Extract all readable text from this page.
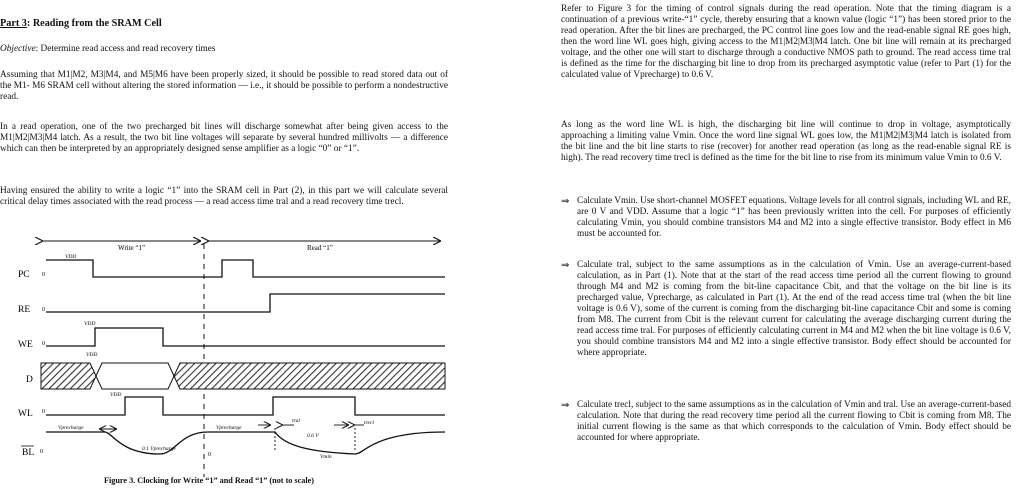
Part 3: Reading from the SRAM Cell
Objective: Determine read access and read recovery times

Assuming that M1|M2, M3|M4, and M5|M6 have been properly sized, it should be possible to read stored data out of the M1- M6 SRAM cell without altering the stored information — i.e., it should be possible to perform a nondestructive read.

In a read operation, one of the two precharged bit lines will discharge somewhat after being given access to the M1|M2|M3|M4 latch. As a result, the two bit line voltages will separate by several hundred millivolts — a difference which can then be interpreted by an appropriately designed sense amplifier as a logic “0” or “1”.

Having ensured the ability to write a logic “1” into the SRAM cell in Part (2), in this part we will calculate several critical delay times associated with the read process — a read access time tral and a read recovery time trecl.

Write “1”	Read “1”
PC
RE
WE
D
WL
BL
0
0
0
0
0	0
VDD
VDD
VDD
VDD
Vprecharge	Vprecharge
0.1 Vprecharge
0.6 V
Vmin
tral	trecl
Figure 3. Clocking for Write “1” and Read “1” (not to scale)

Refer to Figure 3 for the timing of control signals during the read operation. Note that the timing diagram is a continuation of a previous write-“1” cycle, thereby ensuring that a known value (logic “1”) has been stored prior to the read operation. After the bit lines are precharged, the PC control line goes low and the read-enable signal RE goes high, then the word line WL goes high, giving access to the M1|M2|M3|M4 latch. One bit line will remain at its precharged voltage, and the other one will start to discharge through a conductive NMOS path to ground. The read access time tral is defined as the time for the discharging bit line to drop from its precharged asymptotic value (refer to Part (1) for the calculated value of Vprecharge) to 0.6 V.

As long as the word line WL is high, the discharging bit line will continue to drop in voltage, asymptotically approaching a limiting value Vmin. Once the word line signal WL goes low, the M1|M2|M3|M4 latch is isolated from the bit line and the bit line starts to rise (recover) for another read operation (as long as the read-enable signal RE is high). The read recovery time trecl is defined as the time for the bit line to rise from its minimum value Vmin to 0.6 V.

⇒ Calculate Vmin. Use short-channel MOSFET equations. Voltage levels for all control signals, including WL and RE, are 0 V and VDD. Assume that a logic “1” has been previously written into the cell. For purposes of efficiently calculating Vmin, you should combine transistors M4 and M2 into a single effective transistor. Body effect in M6 must be accounted for.

⇒ Calculate tral, subject to the same assumptions as in the calculation of Vmin. Use an average-current-based calculation, as in Part (1). Note that at the start of the read access time period all the current flowing to ground through M4 and M2 is coming from the bit-line capacitance Cbit, and that the voltage on the bit line is its precharged value, Vprecharge, as calculated in Part (1). At the end of the read access time tral (when the bit line voltage is 0.6 V), some of the current is coming from the discharging bit-line capacitance Cbit and some is coming from M8. The current from Cbit is the relevant current for calculating the average discharging current during the read access time tral. For purposes of efficiently calculating current in M4 and M2 when the bit line voltage is 0.6 V, you should combine transistors M4 and M2 into a single effective transistor. Body effect should be accounted for where appropriate.

⇒ Calculate trecl, subject to the same assumptions as in the calculation of Vmin and tral. Use an average-current-based calculation. Note that during the read recovery time period all the current flowing to Cbit is coming from M8. The initial current flowing is the same as that which corresponds to the calculation of Vmin. Body effect should be accounted for where appropriate.
